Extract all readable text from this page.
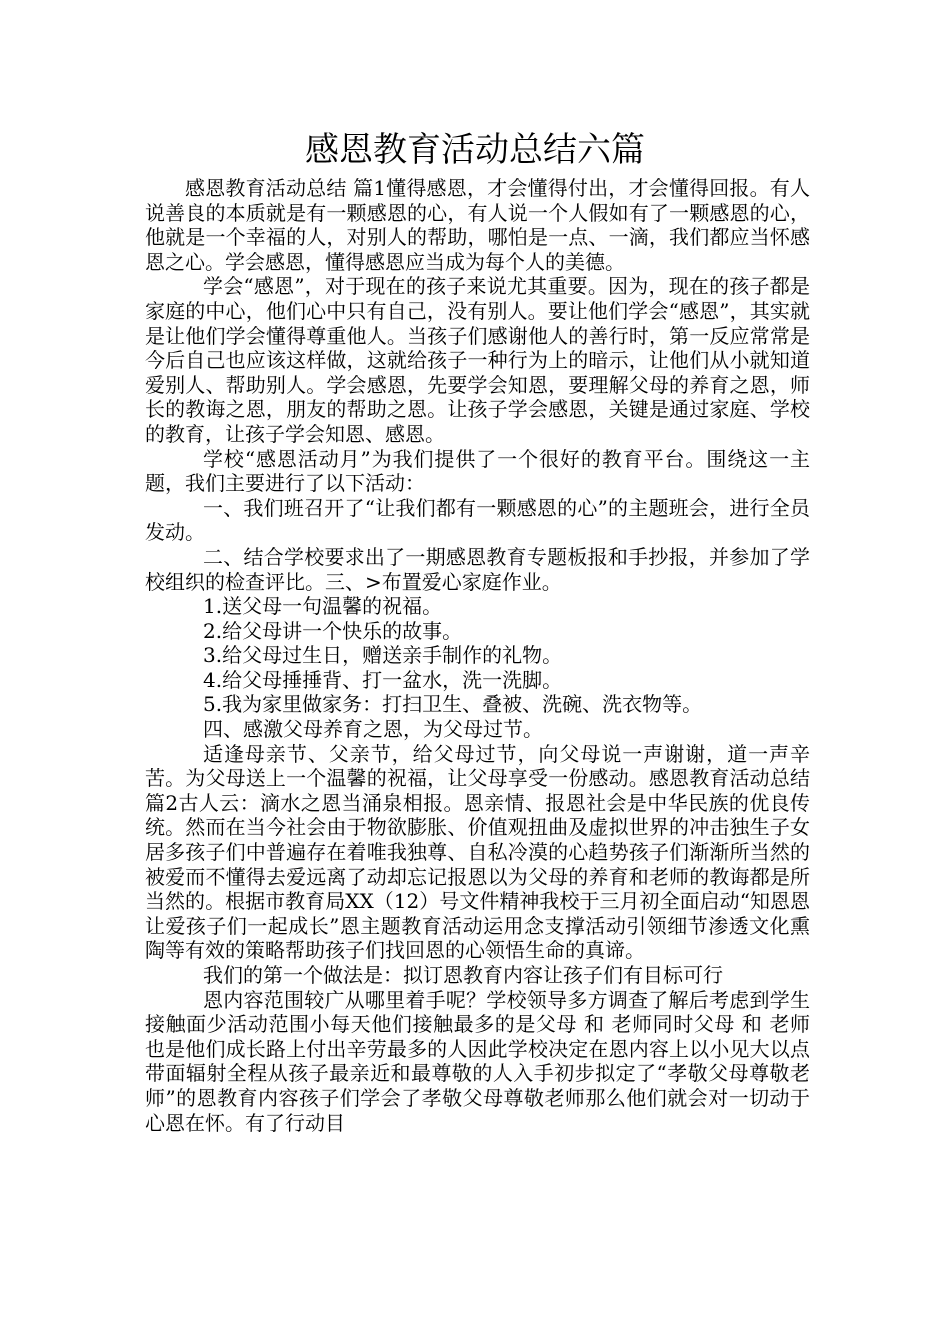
感恩教育活动总结六篇

感恩教育活动总结 篇1懂得感恩，才会懂得付出，才会懂得回报。有人说善良的本质就是有一颗感恩的心，有人说一个人假如有了一颗感恩的心，他就是一个幸福的人，对别人的帮助，哪怕是一点、一滴，我们都应当怀感恩之心。学会感恩，懂得感恩应当成为每个人的美德。

学会“感恩”，对于现在的孩子来说尤其重要。因为，现在的孩子都是家庭的中心，他们心中只有自己，没有别人。要让他们学会“感恩”，其实就是让他们学会懂得尊重他人。当孩子们感谢他人的善行时，第一反应常常是今后自己也应该这样做，这就给孩子一种行为上的暗示，让他们从小就知道爱别人、帮助别人。学会感恩，先要学会知恩，要理解父母的养育之恩，师长的教诲之恩，朋友的帮助之恩。让孩子学会感恩，关键是通过家庭、学校的教育，让孩子学会知恩、感恩。

学校“感恩活动月”为我们提供了一个很好的教育平台。围绕这一主题，我们主要进行了以下活动：

一、我们班召开了“让我们都有一颗感恩的心”的主题班会，进行全员发动。

二、结合学校要求出了一期感恩教育专题板报和手抄报，并参加了学校组织的检查评比。三、>布置爱心家庭作业。

1.送父母一句温馨的祝福。

2.给父母讲一个快乐的故事。

3.给父母过生日，赠送亲手制作的礼物。

4.给父母捶捶背、打一盆水，洗一洗脚。

5.我为家里做家务：打扫卫生、叠被、洗碗、洗衣物等。

四、感激父母养育之恩，为父母过节。

适逢母亲节、父亲节，给父母过节，向父母说一声谢谢，道一声辛苦。为父母送上一个温馨的祝福，让父母享受一份感动。感恩教育活动总结 篇2古人云：滴水之恩当涌泉相报。恩亲情、报恩社会是中华民族的优良传统。然而在当今社会由于物欲膨胀、价值观扭曲及虚拟世界的冲击独生子女居多孩子们中普遍存在着唯我独尊、自私冷漠的心趋势孩子们渐渐所当然的被爱而不懂得去爱远离了动却忘记报恩以为父母的养育和老师的教诲都是所当然的。根据市教育局XX（12）号文件精神我校于三月初全面启动“知恩恩让爱孩子们一起成长”恩主题教育活动运用念支撑活动引领细节渗透文化熏陶等有效的策略帮助孩子们找回恩的心领悟生命的真谛。

我们的第一个做法是：拟订恩教育内容让孩子们有目标可行

恩内容范围较广从哪里着手呢？学校领导多方调查了解后考虑到学生接触面少活动范围小每天他们接触最多的是父母 和 老师同时父母 和 老师也是他们成长路上付出辛劳最多的人因此学校决定在恩内容上以小见大以点带面辐射全程从孩子最亲近和最尊敬的人入手初步拟定了“孝敬父母尊敬老师”的恩教育内容孩子们学会了孝敬父母尊敬老师那么他们就会对一切动于心恩在怀。有了行动目
